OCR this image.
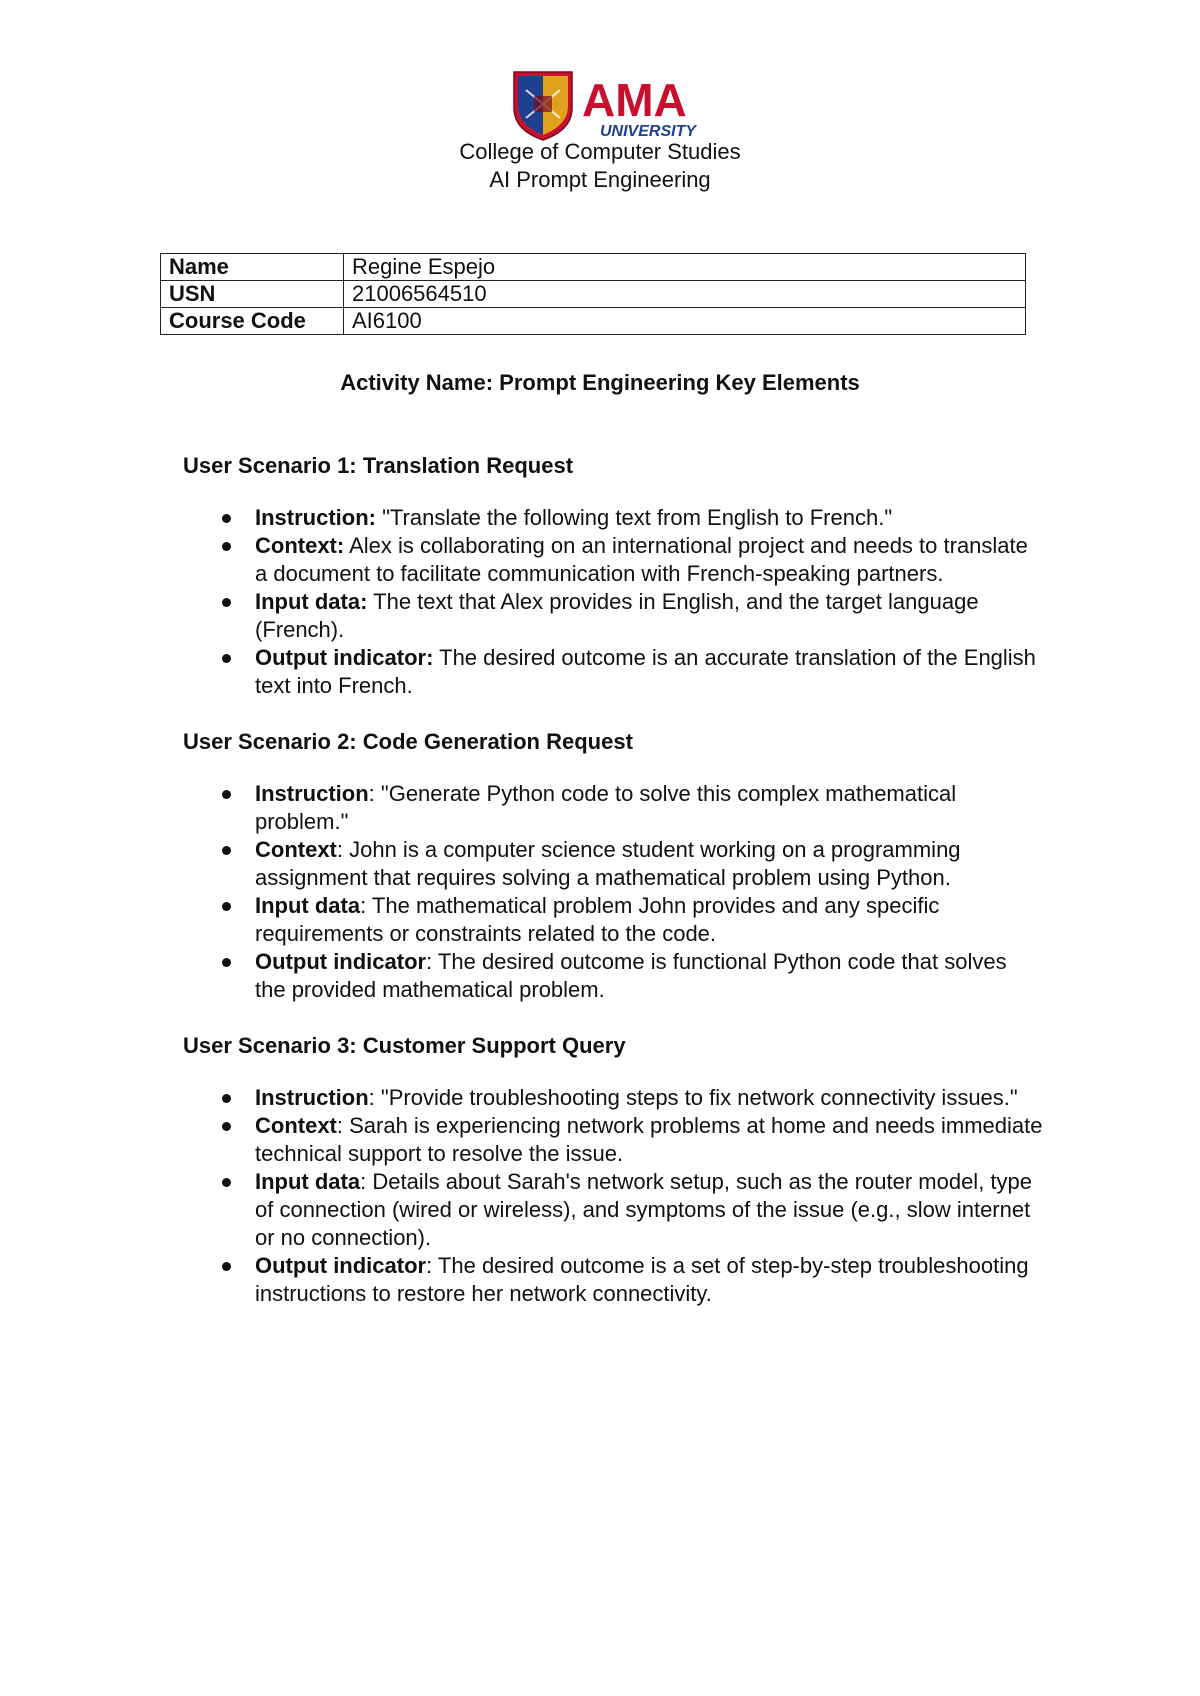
AMA
UNIVERSITY
College of Computer Studies
AI Prompt Engineering
Name	Regine Espejo
USN	21006564510
Course Code	AI6100
Activity Name: Prompt Engineering Key Elements
User Scenario 1: Translation Request
Instruction: "Translate the following text from English to French."
Context: Alex is collaborating on an international project and needs to translate a document to facilitate communication with French-speaking partners.
Input data: The text that Alex provides in English, and the target language (French).
Output indicator: The desired outcome is an accurate translation of the English text into French.
User Scenario 2: Code Generation Request
Instruction: "Generate Python code to solve this complex mathematical problem."
Context: John is a computer science student working on a programming assignment that requires solving a mathematical problem using Python.
Input data: The mathematical problem John provides and any specific requirements or constraints related to the code.
Output indicator: The desired outcome is functional Python code that solves the provided mathematical problem.
User Scenario 3: Customer Support Query
Instruction: "Provide troubleshooting steps to fix network connectivity issues."
Context: Sarah is experiencing network problems at home and needs immediate technical support to resolve the issue.
Input data: Details about Sarah's network setup, such as the router model, type of connection (wired or wireless), and symptoms of the issue (e.g., slow internet or no connection).
Output indicator: The desired outcome is a set of step-by-step troubleshooting instructions to restore her network connectivity.
